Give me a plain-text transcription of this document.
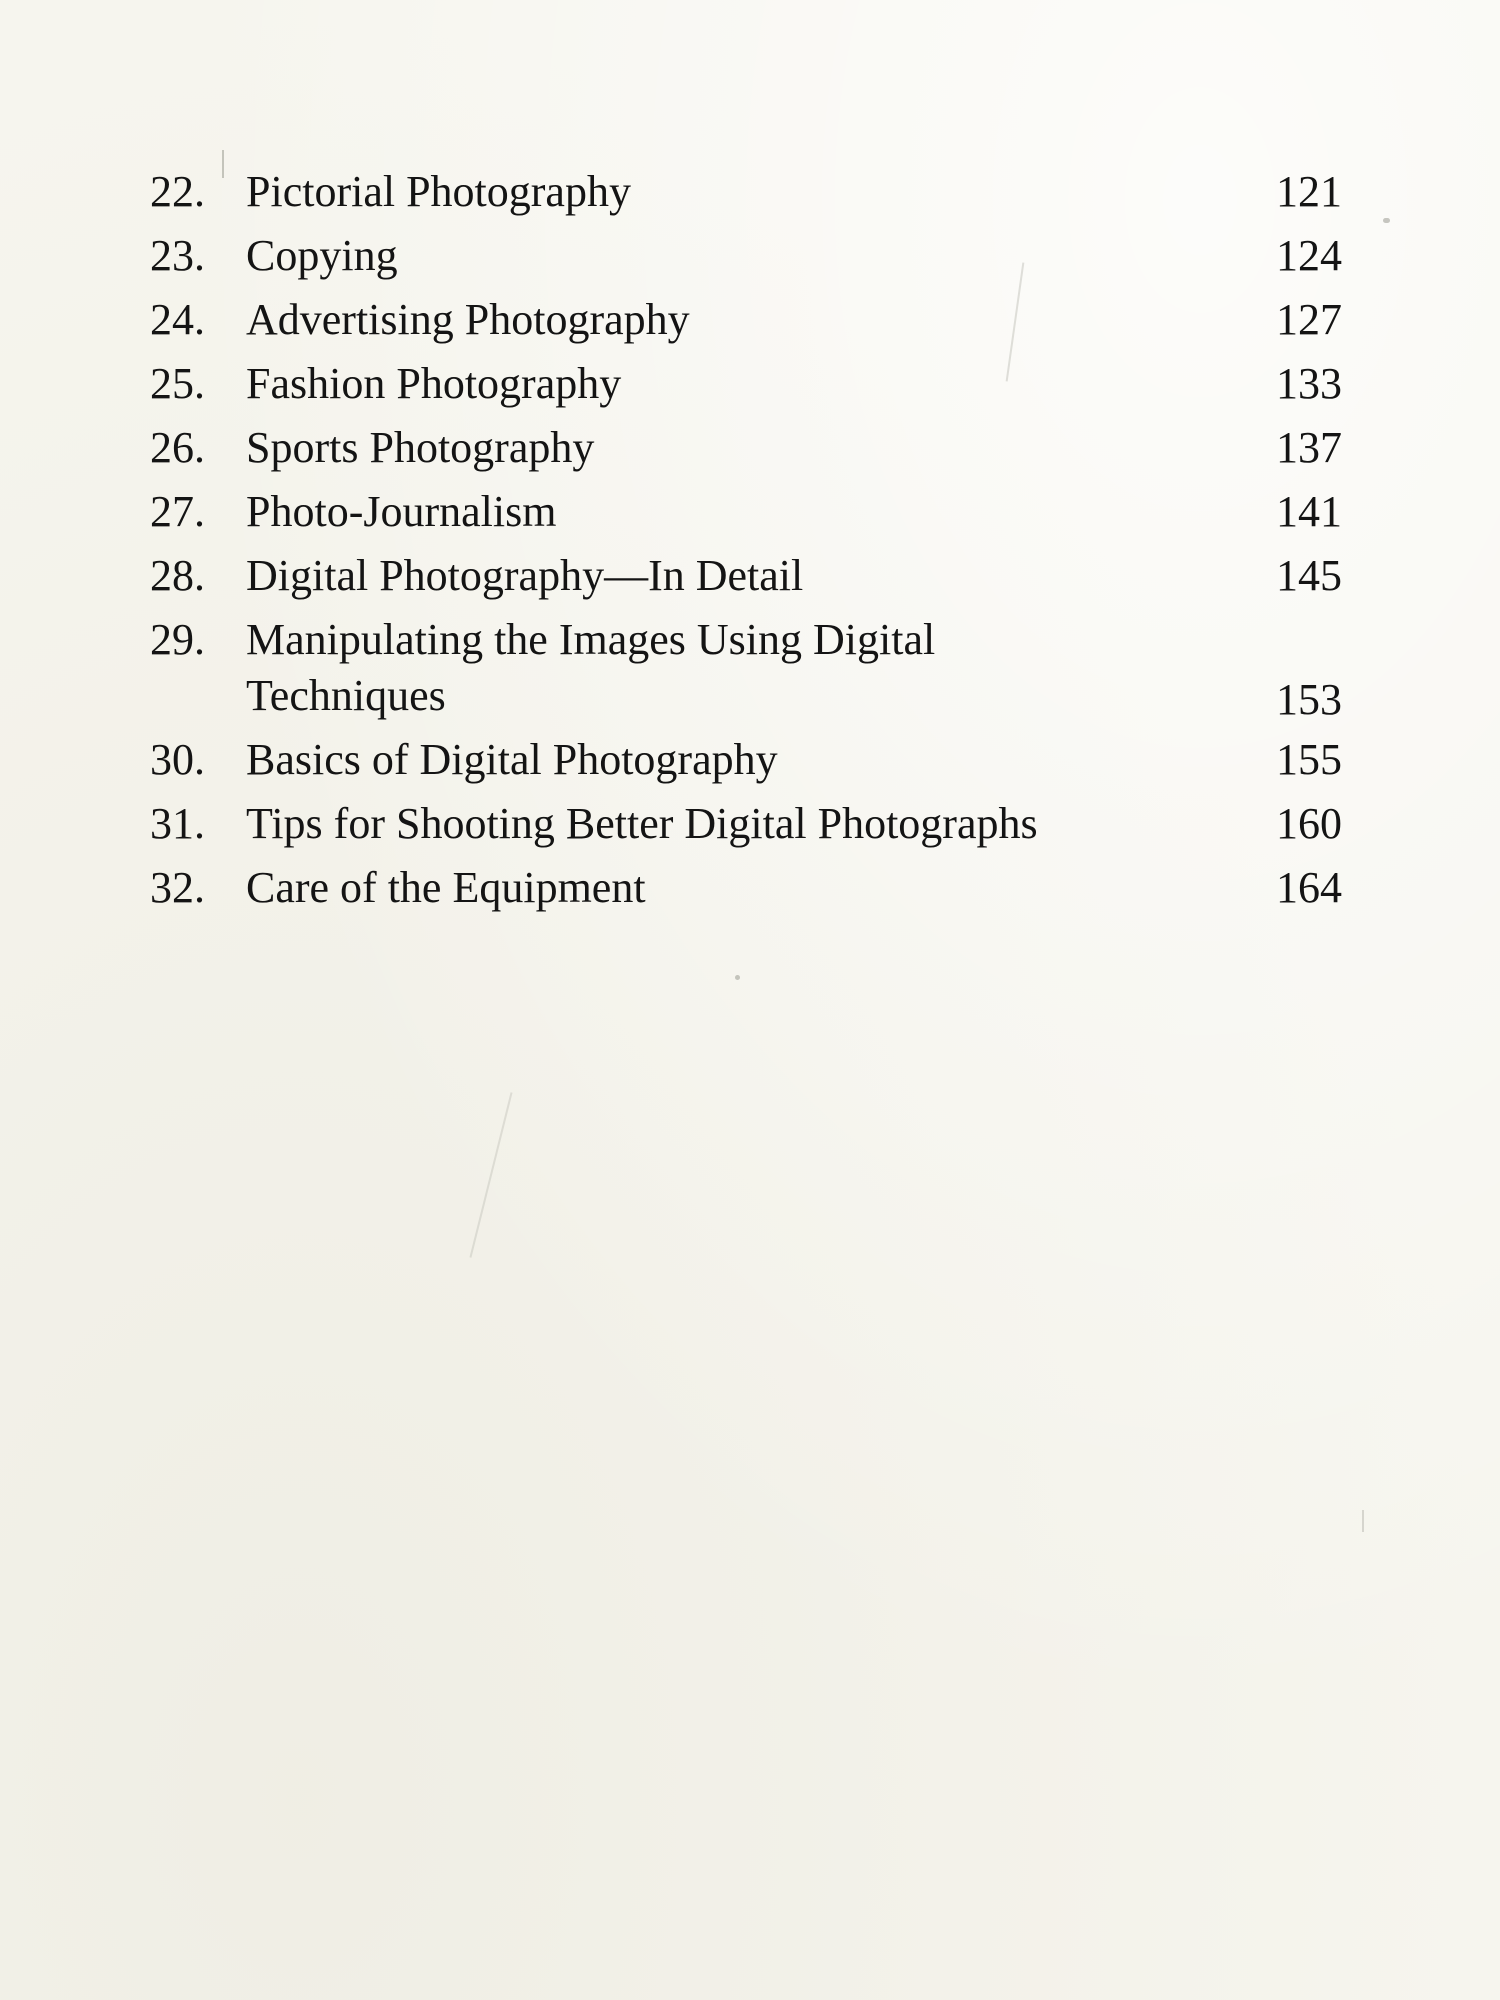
22. Pictorial Photography	121
23. Copying	124
24. Advertising Photography	127
25. Fashion Photography	133
26. Sports Photography	137
27. Photo-Journalism	141
28. Digital Photography—In Detail	145
29. Manipulating the Images Using Digital
Techniques	153
30. Basics of Digital Photography	155
31. Tips for Shooting Better Digital Photographs	160
32. Care of the Equipment	164
